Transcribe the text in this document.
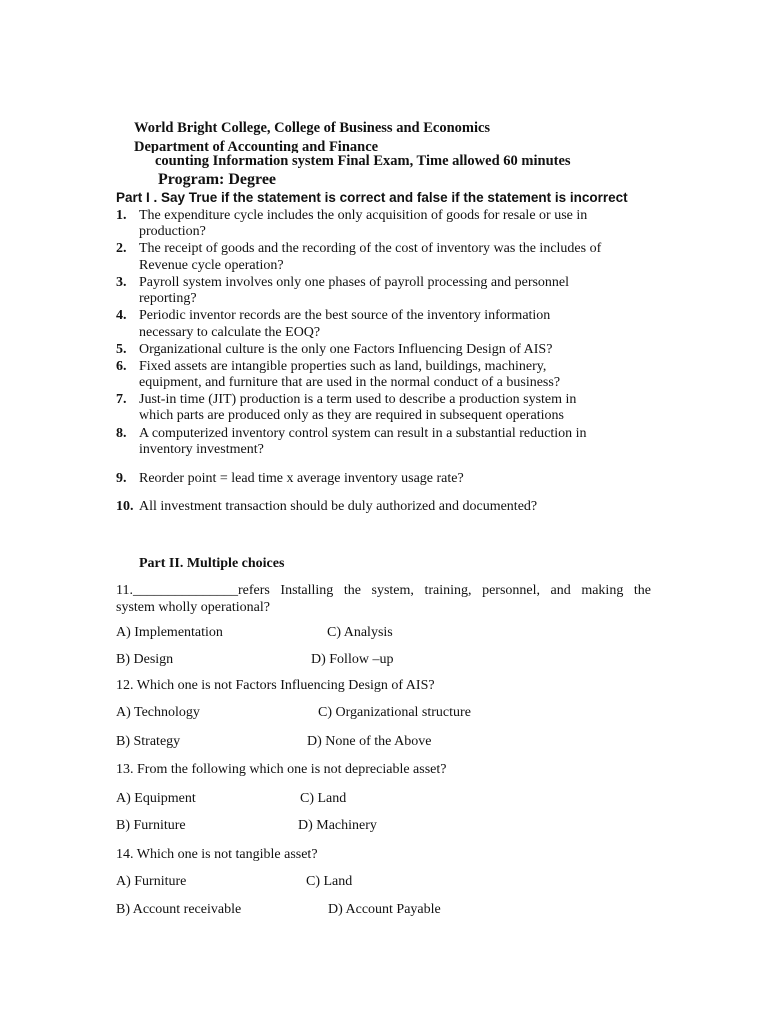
World Bright College, College of Business and Economics
Department of Accounting and Finance
counting Information system Final Exam, Time allowed 60 minutes
Program: Degree
Part I . Say True if the statement is correct and false if the statement is incorrect
1. The expenditure cycle includes the only acquisition of goods for resale or use in
production?
2. The receipt of goods and the recording of the cost of inventory was the includes of
Revenue cycle operation?
3. Payroll system involves only one phases of payroll processing and personnel
reporting?
4. Periodic inventor records are the best source of the inventory information
necessary to calculate the EOQ?
5. Organizational culture is the only one Factors Influencing Design of AIS?
6. Fixed assets are intangible properties such as land, buildings, machinery,
equipment, and furniture that are used in the normal conduct of a business?
7. Just-in time (JIT) production is a term used to describe a production system in
which parts are produced only as they are required in subsequent operations
8. A computerized inventory control system can result in a substantial reduction in
inventory investment?
9. Reorder point = lead time x average inventory usage rate?
10. All investment transaction should be duly authorized and documented?
Part II. Multiple choices
11._______________refers Installing the system, training, personnel, and making the
system wholly operational?
A) Implementation	C) Analysis
B) Design	D) Follow –up
12. Which one is not Factors Influencing Design of AIS?
A) Technology	C) Organizational structure
B) Strategy	D) None of the Above
13. From the following which one is not depreciable asset?
A) Equipment	C) Land
B) Furniture	D) Machinery
14. Which one is not tangible asset?
A) Furniture	C) Land
B) Account receivable	D) Account Payable
